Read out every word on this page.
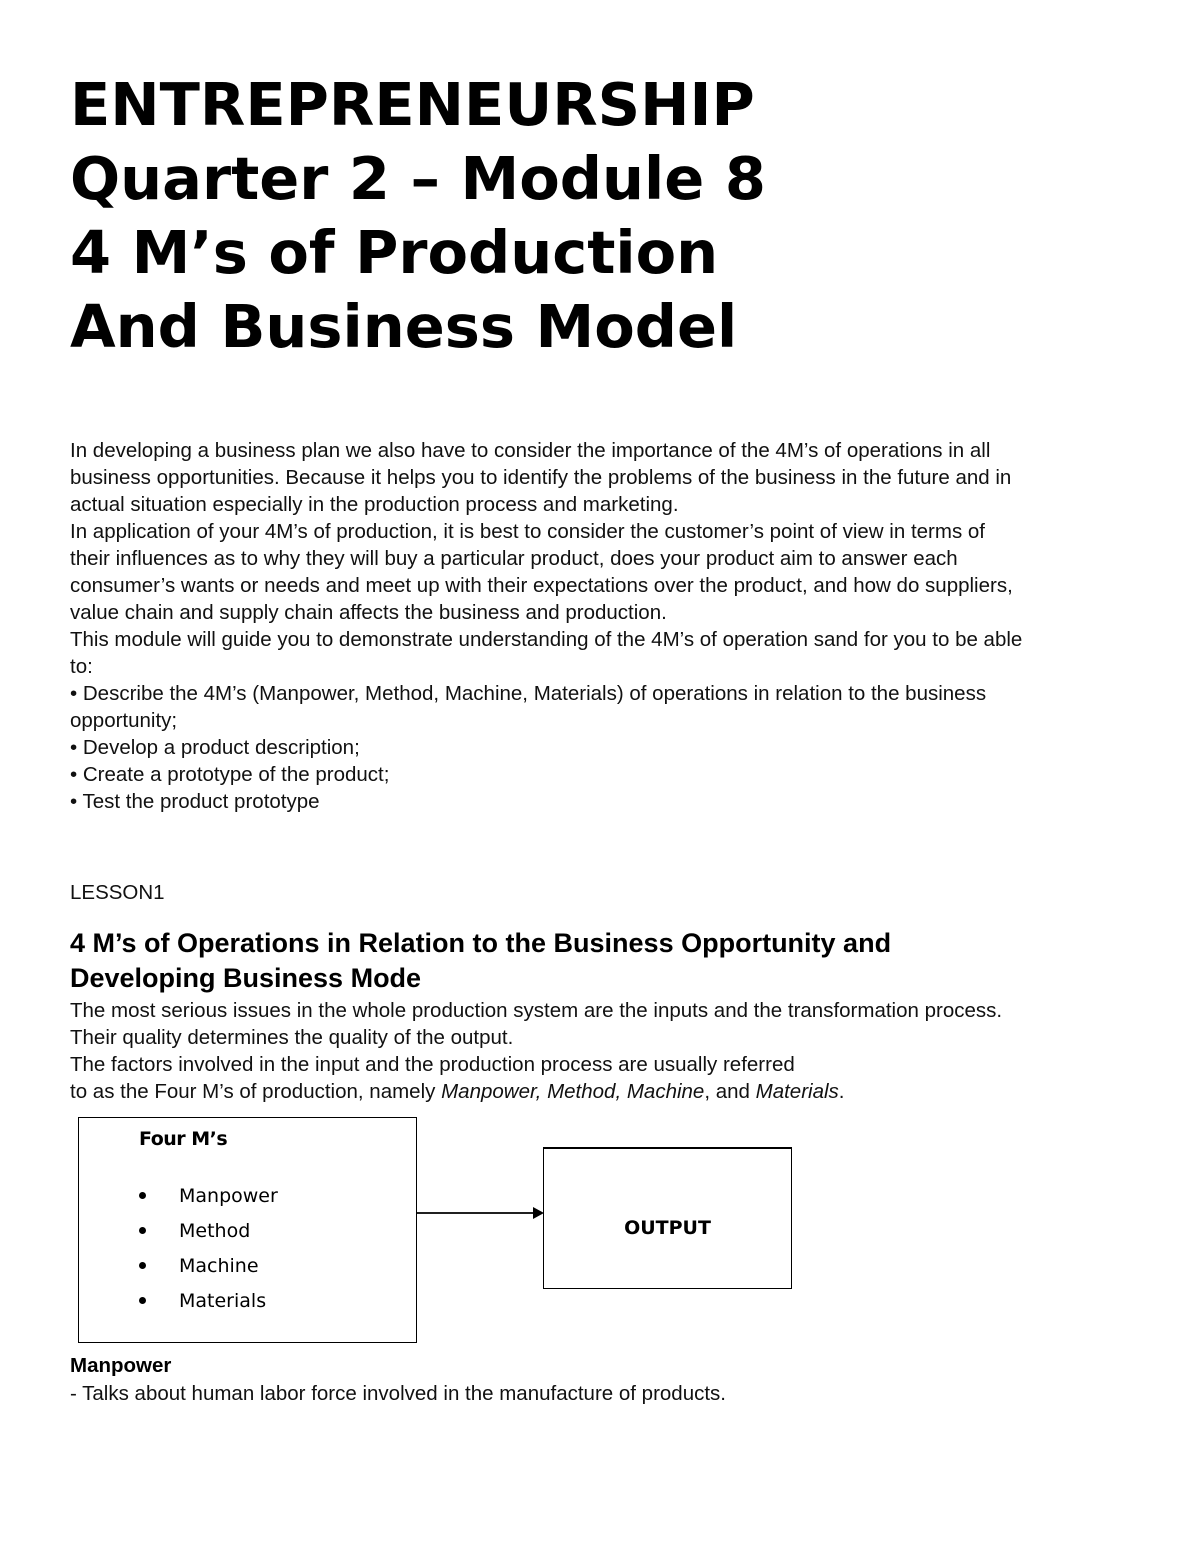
ENTREPRENEURSHIP
Quarter 2 – Module 8
4 M’s of Production
And Business Model
In developing a business plan we also have to consider the importance of the 4M’s of operations in all
business opportunities. Because it helps you to identify the problems of the business in the future and in
actual situation especially in the production process and marketing.
In application of your 4M’s of production, it is best to consider the customer’s point of view in terms of
their influences as to why they will buy a particular product, does your product aim to answer each
consumer’s wants or needs and meet up with their expectations over the product, and how do suppliers,
value chain and supply chain affects the business and production.
This module will guide you to demonstrate understanding of the 4M’s of operation sand for you to be able
to:
• Describe the 4M’s (Manpower, Method, Machine, Materials) of operations in relation to the business
opportunity;
• Develop a product description;
• Create a prototype of the product;
• Test the product prototype
LESSON1
4 M’s of Operations in Relation to the Business Opportunity and
Developing Business Mode
The most serious issues in the whole production system are the inputs and the transformation process.
Their quality determines the quality of the output.
The factors involved in the input and the production process are usually referred
to as the Four M’s of production, namely Manpower, Method, Machine, and Materials.
Four M’s
Manpower
Method
Machine
Materials
OUTPUT
Manpower
- Talks about human labor force involved in the manufacture of products.
